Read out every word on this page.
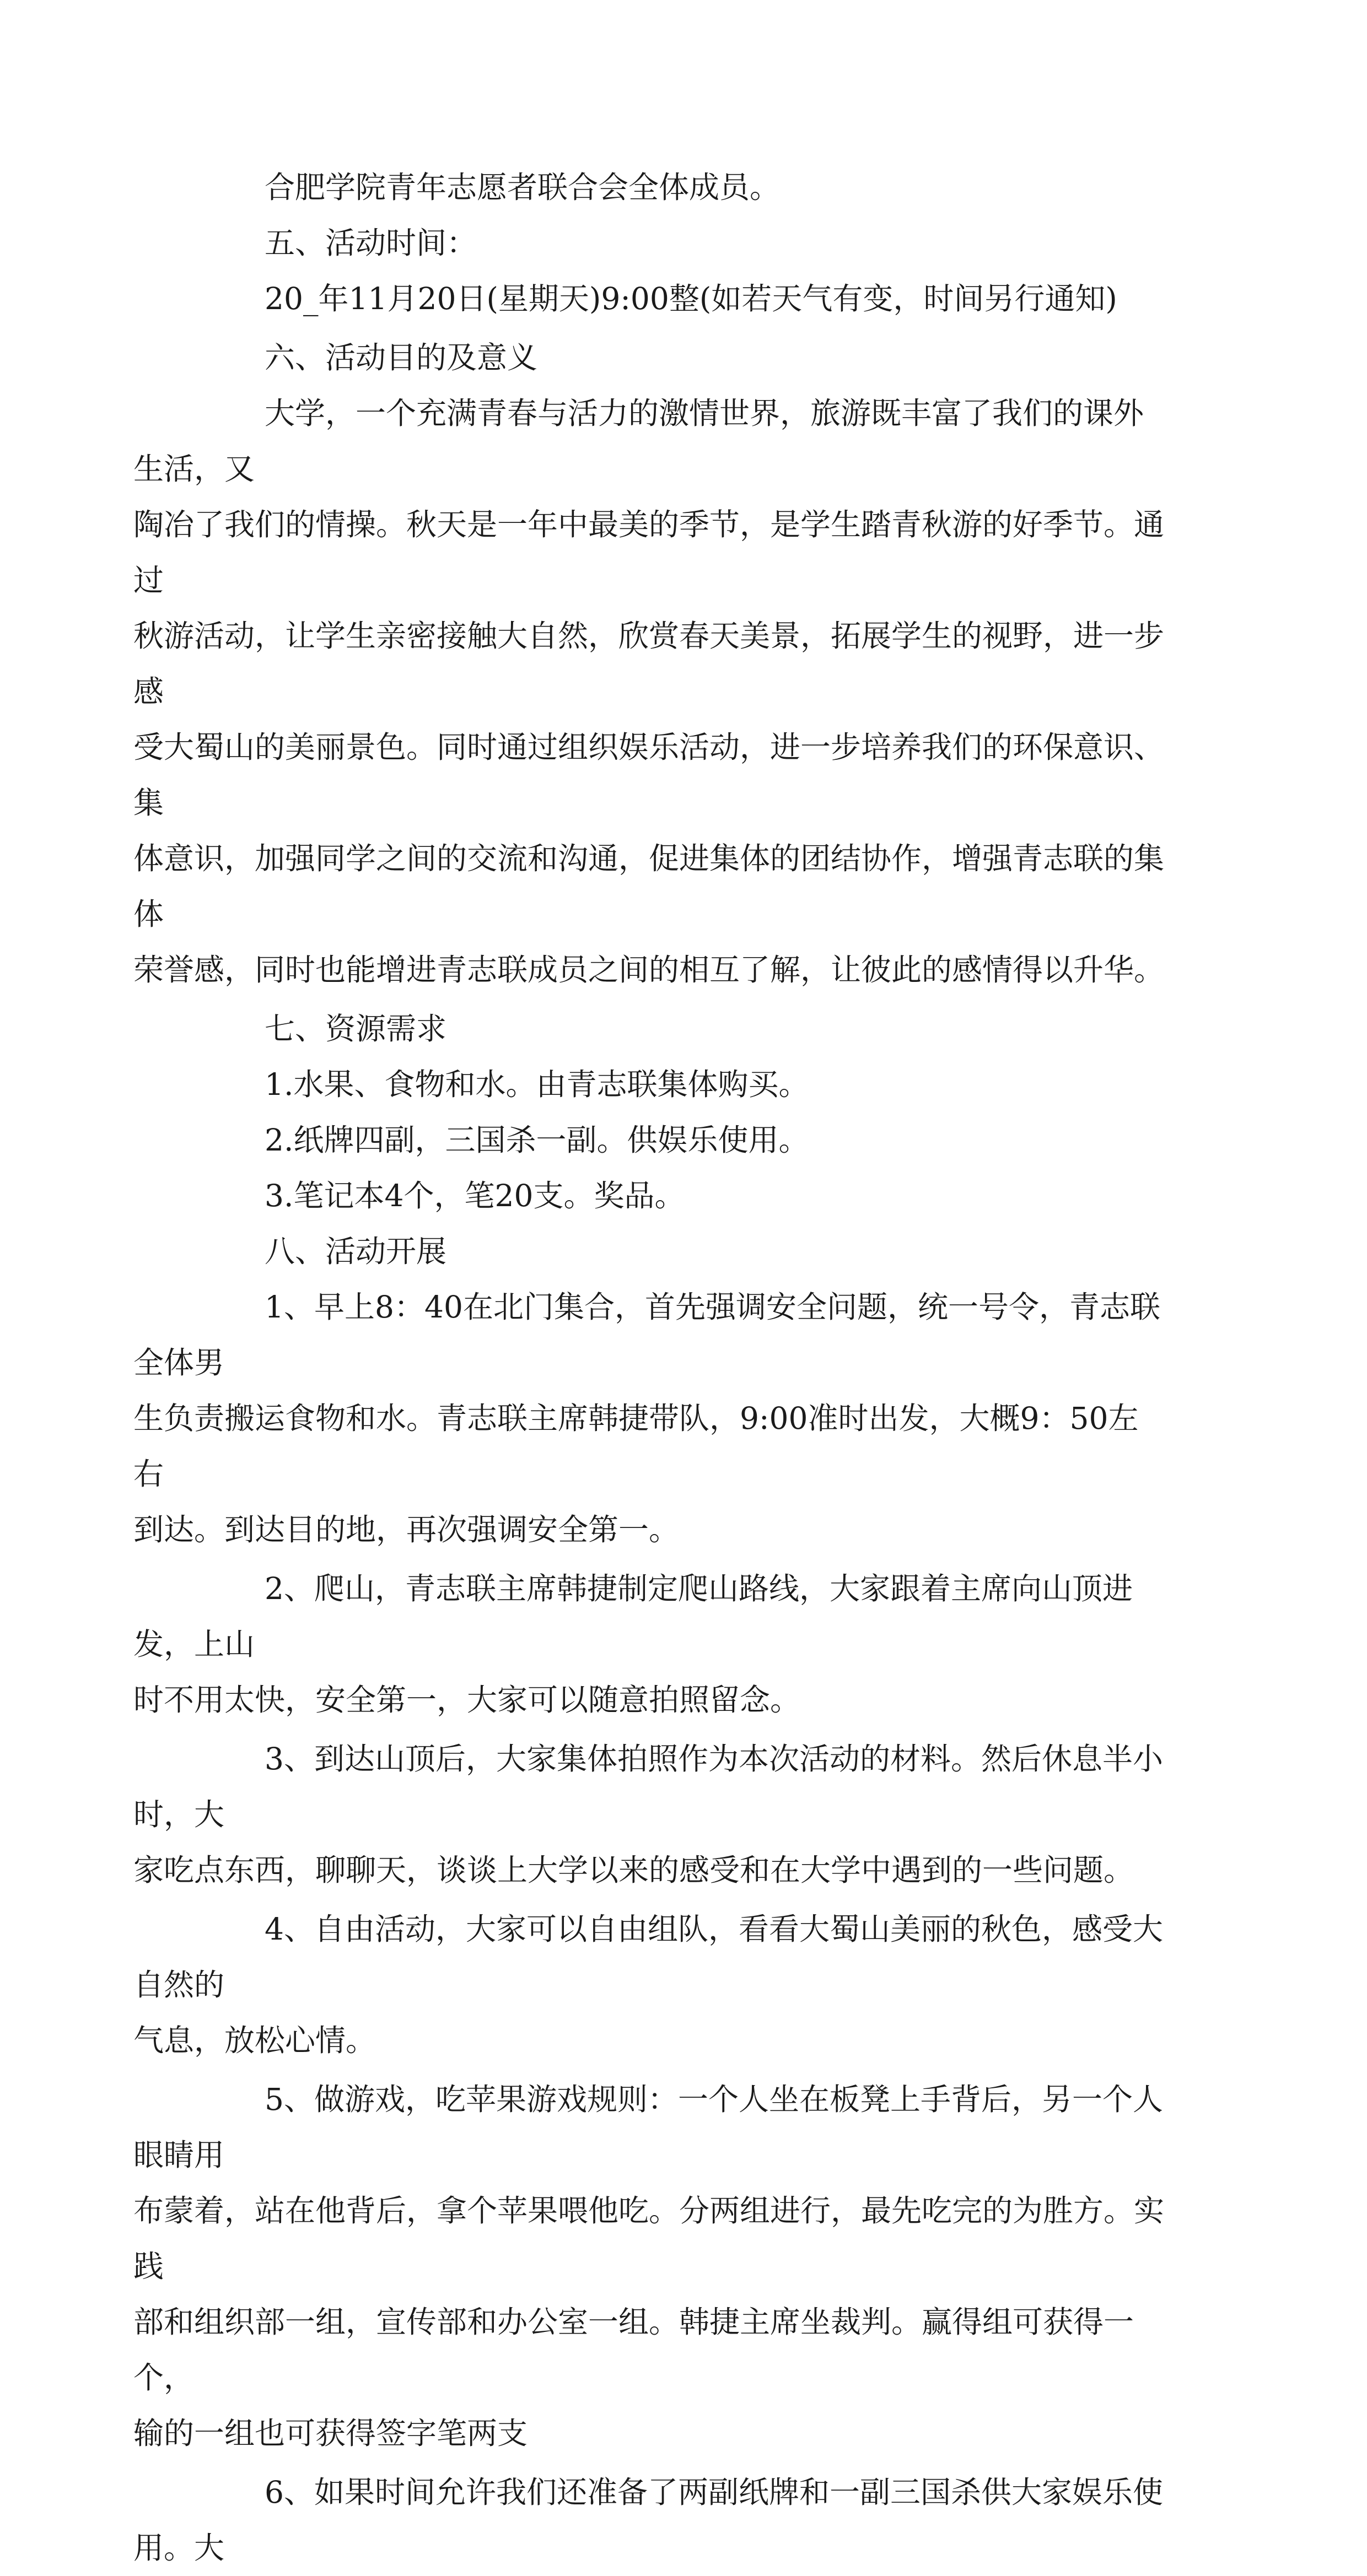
合肥学院青年志愿者联合会全体成员。

五、活动时间：

20_年11月20日(星期天)9:00整(如若天气有变，时间另行通知)

六、活动目的及意义

大学，一个充满青春与活力的激情世界，旅游既丰富了我们的课外生活，又
陶冶了我们的情操。秋天是一年中最美的季节，是学生踏青秋游的好季节。通过
秋游活动，让学生亲密接触大自然，欣赏春天美景，拓展学生的视野，进一步感
受大蜀山的美丽景色。同时通过组织娱乐活动，进一步培养我们的环保意识、集
体意识，加强同学之间的交流和沟通，促进集体的团结协作，增强青志联的集体
荣誉感，同时也能增进青志联成员之间的相互了解，让彼此的感情得以升华。

七、资源需求

1.水果、食物和水。由青志联集体购买。

2.纸牌四副，三国杀一副。供娱乐使用。

3.笔记本4个，笔20支。奖品。

八、活动开展

1、早上8：40在北门集合，首先强调安全问题，统一号令，青志联全体男
生负责搬运食物和水。青志联主席韩捷带队，9:00准时出发，大概9：50左右
到达。到达目的地，再次强调安全第一。

2、爬山，青志联主席韩捷制定爬山路线，大家跟着主席向山顶进发，上山
时不用太快，安全第一，大家可以随意拍照留念。

3、到达山顶后，大家集体拍照作为本次活动的材料。然后休息半小时，大
家吃点东西，聊聊天，谈谈上大学以来的感受和在大学中遇到的一些问题。

4、自由活动，大家可以自由组队，看看大蜀山美丽的秋色，感受大自然的
气息，放松心情。

5、做游戏，吃苹果游戏规则：一个人坐在板凳上手背后，另一个人眼睛用
布蒙着，站在他背后，拿个苹果喂他吃。分两组进行，最先吃完的为胜方。实践
部和组织部一组，宣传部和办公室一组。韩捷主席坐裁判。赢得组可获得一个，
输的一组也可获得签字笔两支

6、如果时间允许我们还准备了两副纸牌和一副三国杀供大家娱乐使用。大
